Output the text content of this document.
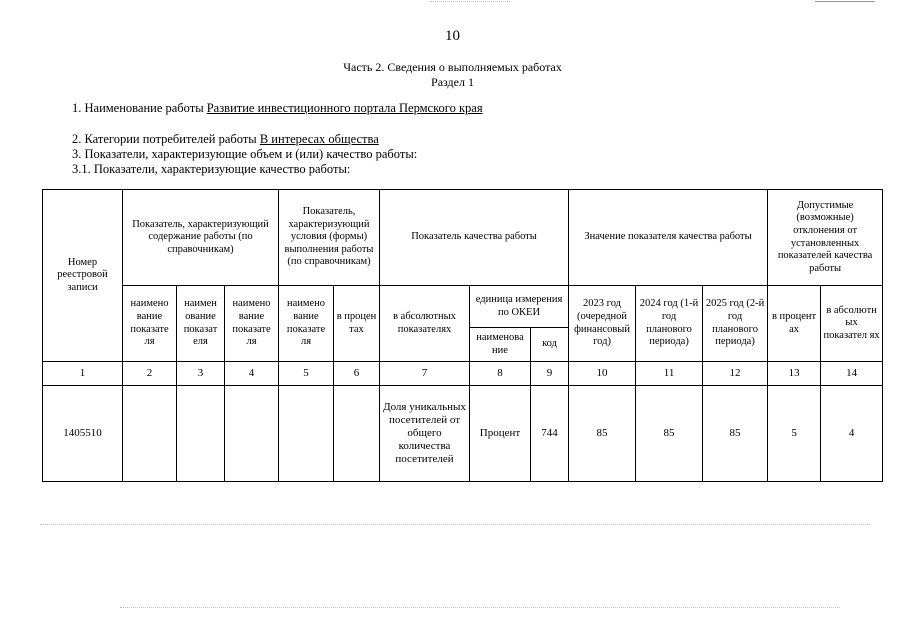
10
Часть 2. Сведения о выполняемых работах
Раздел 1
1. Наименование работы Развитие инвестиционного портала Пермского края
2. Категории потребителей работы В интересах общества
3. Показатели, характеризующие объем и (или) качество работы:
3.1. Показатели, характеризующие качество работы:
Номер реестровой записи	Показатель, характеризующий содержание работы (по справочникам)			Показатель, характеризующий условия (формы) выполнения работы (по справочникам)		Показатель качества работы			Значение показателя качества работы			Допустимые (возможные) отклонения от установленных показателей качества работы	
	наимено вание показате ля	наимен ование показат еля	наимено вание показате ля	наимено вание показате ля	в процен тах	в абсолютных показателях	единица измерения по ОКЕИ		2023 год (очередной финансовый год)	2024 год (1-й год планового периода)	2025 год (2-й год планового периода)	в процент ах	в абсолютн ых показател ях
							наименова ние	код					
1	2	3	4	5	6	7	8	9	10	11	12	13	14
1405510						Доля уникальных посетителей от общего количества посетителей	Процент	744	85	85	85	5	4
